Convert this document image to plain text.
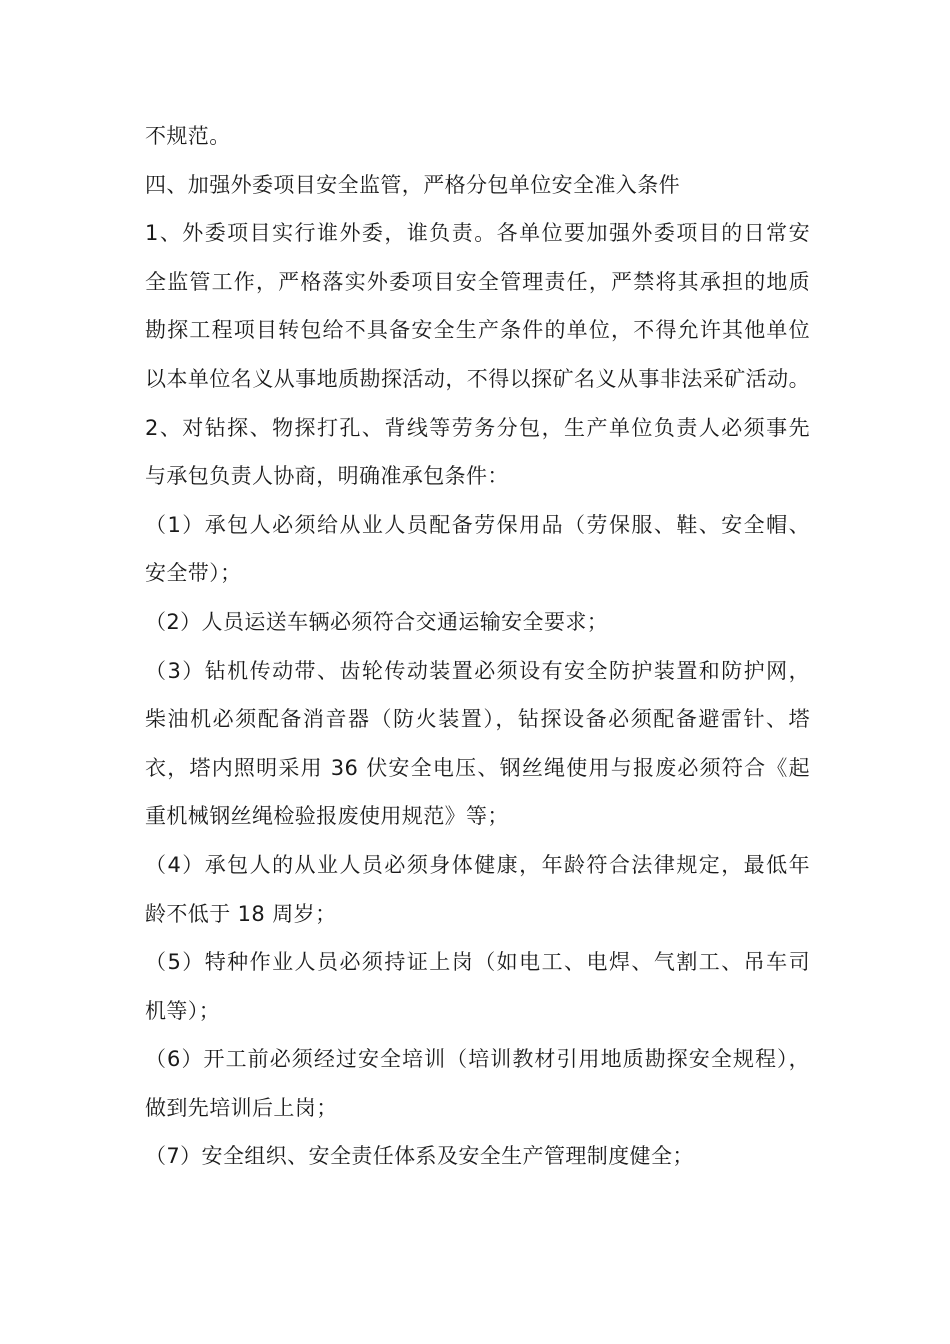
不规范。
四、加强外委项目安全监管，严格分包单位安全准入条件
1、外委项目实行谁外委，谁负责。各单位要加强外委项目的日常安
全监管工作，严格落实外委项目安全管理责任，严禁将其承担的地质
勘探工程项目转包给不具备安全生产条件的单位，不得允许其他单位
以本单位名义从事地质勘探活动，不得以探矿名义从事非法采矿活动。
2、对钻探、物探打孔、背线等劳务分包，生产单位负责人必须事先
与承包负责人协商，明确准承包条件：
（1）承包人必须给从业人员配备劳保用品（劳保服、鞋、安全帽、
安全带）；
（2）人员运送车辆必须符合交通运输安全要求；
（3）钻机传动带、齿轮传动装置必须设有安全防护装置和防护网，
柴油机必须配备消音器（防火装置），钻探设备必须配备避雷针、塔
衣，塔内照明采用 36 伏安全电压、钢丝绳使用与报废必须符合《起
重机械钢丝绳检验报废使用规范》等；
（4）承包人的从业人员必须身体健康，年龄符合法律规定，最低年
龄不低于 18 周岁；
（5）特种作业人员必须持证上岗（如电工、电焊、气割工、吊车司
机等）；
（6）开工前必须经过安全培训（培训教材引用地质勘探安全规程），
做到先培训后上岗；
（7）安全组织、安全责任体系及安全生产管理制度健全；
